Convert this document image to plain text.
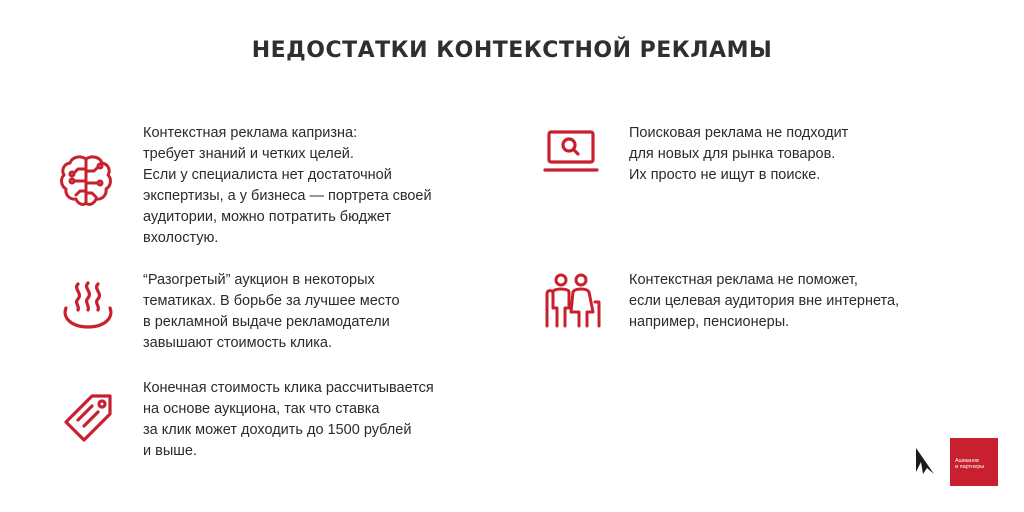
НЕДОСТАТКИ КОНТЕКСТНОЙ РЕКЛАМЫ
Контекстная реклама капризна:
требует знаний и четких целей.
Если у специалиста нет достаточной
экспертизы, а у бизнеса — портрета своей
аудитории, можно потратить бюджет
вхолостую.
“Разогретый” аукцион в некоторых
тематиках. В борьбе за лучшее место
в рекламной выдаче рекламодатели
завышают стоимость клика.
Конечная стоимость клика рассчитывается
на основе аукциона, так что ставка
за клик может доходить до 1500 рублей
и выше.
Поисковая реклама не подходит
для новых для рынка товаров.
Их просто не ищут в поиске.
Контекстная реклама не поможет,
если целевая аудитория вне интернета,
например, пенсионеры.
Ашманов
и партнеры
